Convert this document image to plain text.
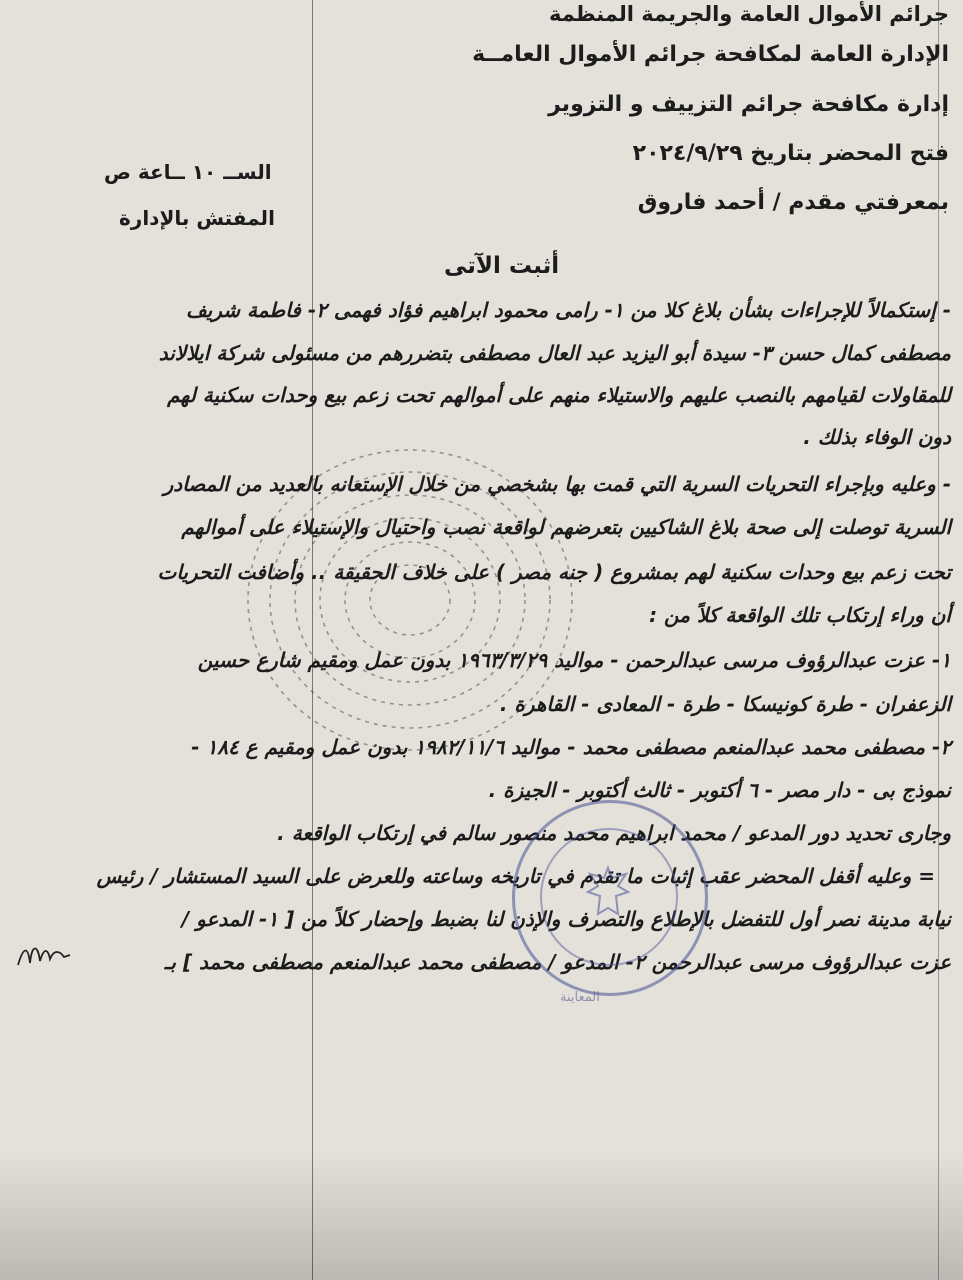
جرائم الأموال العامة والجريمة المنظمة
الإدارة العامة لمكافحة جرائم الأموال العامــة
إدارة مكافحة جرائم التزييف و التزوير
فتح المحضر بتاريخ ٢٠٢٤/٩/٢٩
بمعرفتي مقدم / أحمد فاروق
الســ ١٠ ــاعة ص
المفتش بالإدارة
أثبت الآتى
- إستكمالاً للإجراءات بشأن بلاغ كلا من ١- رامى محمود ابراهيم فؤاد فهمى ٢- فاطمة شريف
مصطفى كمال حسن ٣- سيدة أبو اليزيد عبد العال مصطفى بتضررهم من مسئولى شركة ايلالاند
للمقاولات لقيامهم بالنصب عليهم والاستيلاء منهم على أموالهم تحت زعم بيع وحدات سكنية لهم
دون الوفاء بذلك .
- وعليه وبإجراء التحريات السرية التي قمت بها بشخصي من خلال الإستعانه بالعديد من المصادر
السرية توصلت إلى صحة بلاغ الشاكيين بتعرضهم لواقعة نصب واحتيال والإستيلاء على أموالهم
تحت زعم بيع وحدات سكنية لهم بمشروع ( جنه مصر ) على خلاف الحقيقة .. وأضافت التحريات
أن وراء إرتكاب تلك الواقعة كلاً من :
١- عزت عبدالرؤوف مرسى عبدالرحمن - مواليد ١٩٦٣/٣/٢٩ بدون عمل ومقيم شارع حسين
الزعفران - طرة كونيسكا - طرة - المعادى - القاهرة .
٢- مصطفى محمد عبدالمنعم مصطفى محمد - مواليد ١٩٨٢/١١/٦ بدون عمل ومقيم ع ١٨٤ -
نموذج بى - دار مصر - ٦ أكتوبر - ثالث أكتوبر - الجيزة .
وجارى تحديد دور المدعو / محمد ابراهيم محمد منصور سالم في إرتكاب الواقعة .
= وعليه أقفل المحضر عقب إثبات ما تقدم في تاريخه وساعته وللعرض على السيد المستشار / رئيس
نيابة مدينة نصر أول للتفضل بالإطلاع والتصرف والإذن لنا بضبط وإحضار كلاً من [ ١- المدعو /
عزت عبدالرؤوف مرسى عبدالرحمن ٢- المدعو / مصطفى محمد عبدالمنعم مصطفى محمد ] بـ
المعاينة
